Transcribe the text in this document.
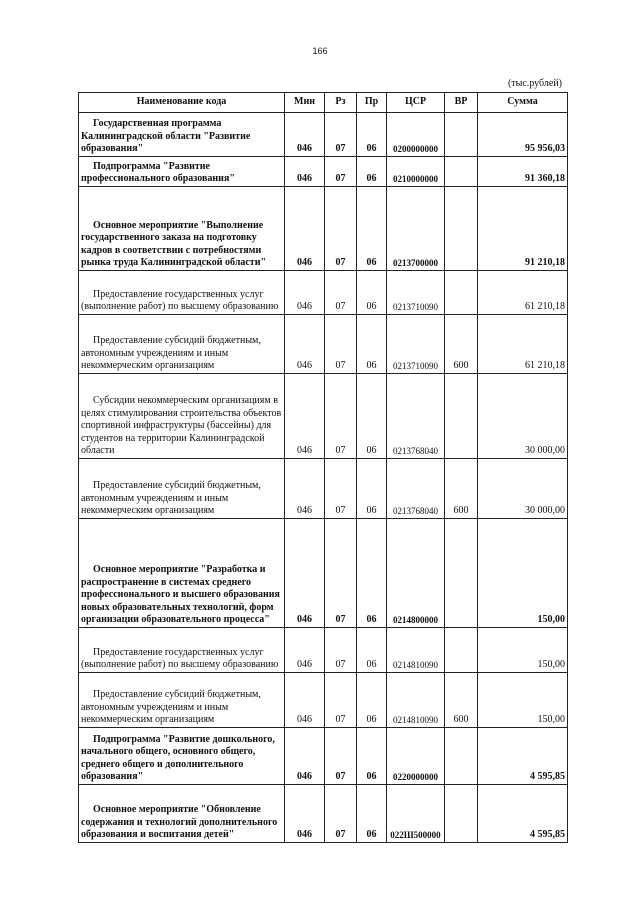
166
(тыс.рублей)
Наименование кода	Мин	Рз	Пр	ЦСР	ВР	Сумма

Государственная программа Калининградской области "Развитие образования"	046	07	06	0200000000		95 956,03

Подпрограмма "Развитие профессионального образования"	046	07	06	0210000000		91 360,18

Основное мероприятие "Выполнение государственного заказа на подготовку кадров в соответствии с потребностями рынка труда Калининградской области"	046	07	06	0213700000		91 210,18

Предоставление государственных услуг (выполнение работ) по высшему образованию	046	07	06	0213710090		61 210,18

Предоставление субсидий бюджетным, автономным учреждениям и иным некоммерческим организациям	046	07	06	0213710090	600	61 210,18

Субсидии некоммерческим организациям в целях стимулирования строительства объектов спортивной инфраструктуры (бассейны) для студентов на территории Калининградской области	046	07	06	0213768040		30 000,00

Предоставление субсидий бюджетным, автономным учреждениям и иным некоммерческим организациям	046	07	06	0213768040	600	30 000,00

Основное мероприятие "Разработка и распространение в системах среднего профессионального и высшего образования новых образовательных технологий, форм организации образовательного процесса"	046	07	06	0214800000		150,00

Предоставление государственных услуг (выполнение работ) по высшему образованию	046	07	06	0214810090		150,00

Предоставление субсидий бюджетным, автономным учреждениям и иным некоммерческим организациям	046	07	06	0214810090	600	150,00

Подпрограмма "Развитие дошкольного, начального общего, основного общего, среднего общего и дополнительного образования"	046	07	06	0220000000		4 595,85

Основное мероприятие "Обновление содержания и технологий дополнительного образования и воспитания детей"	046	07	06	022Ш500000		4 595,85
